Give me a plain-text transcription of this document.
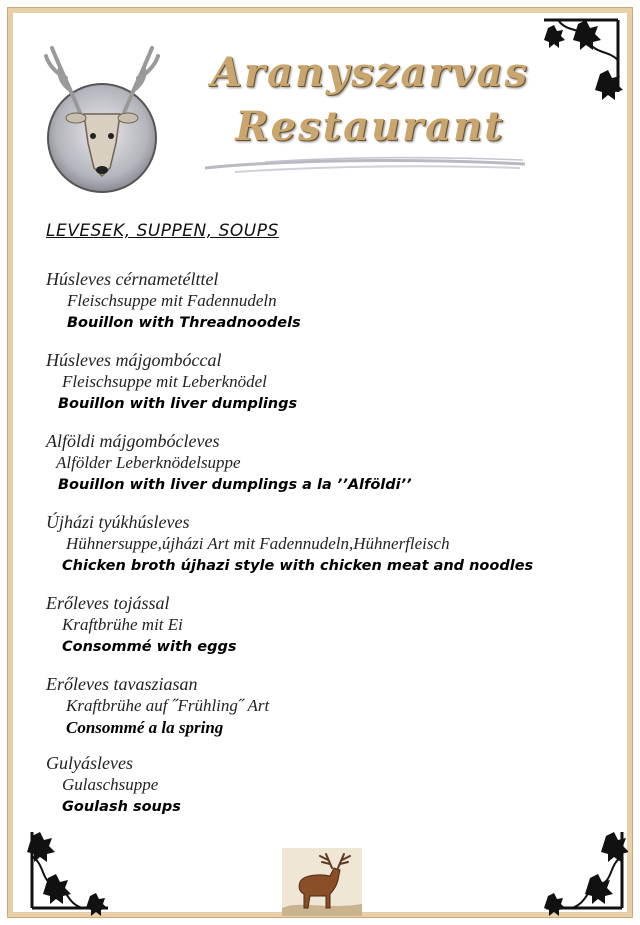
Aranyszarvas
Restaurant
LEVESEK, SUPPEN, SOUPS
Húsleves cérnametélttel
Fleischsuppe mit Fadennudeln
Bouillon with Threadnoodels
Húsleves májgombóccal
Fleischsuppe mit Leberknödel
Bouillon with liver dumplings
Alföldi májgombócleves
Alfölder Leberknödelsuppe
Bouillon with liver dumplings a la ’’Alföldi’’
Újházi tyúkhúsleves
Hühnersuppe,újházi Art mit Fadennudeln,Hühnerfleisch
Chicken broth újhazi style with chicken meat and noodles
Erőleves tojással
Kraftbrühe mit Ei
Consommé with eggs
Erőleves tavasziasan
Kraftbrühe auf ˝Frühling˝ Art
Consommé a la spring
Gulyásleves
Gulaschsuppe
Goulash soups
